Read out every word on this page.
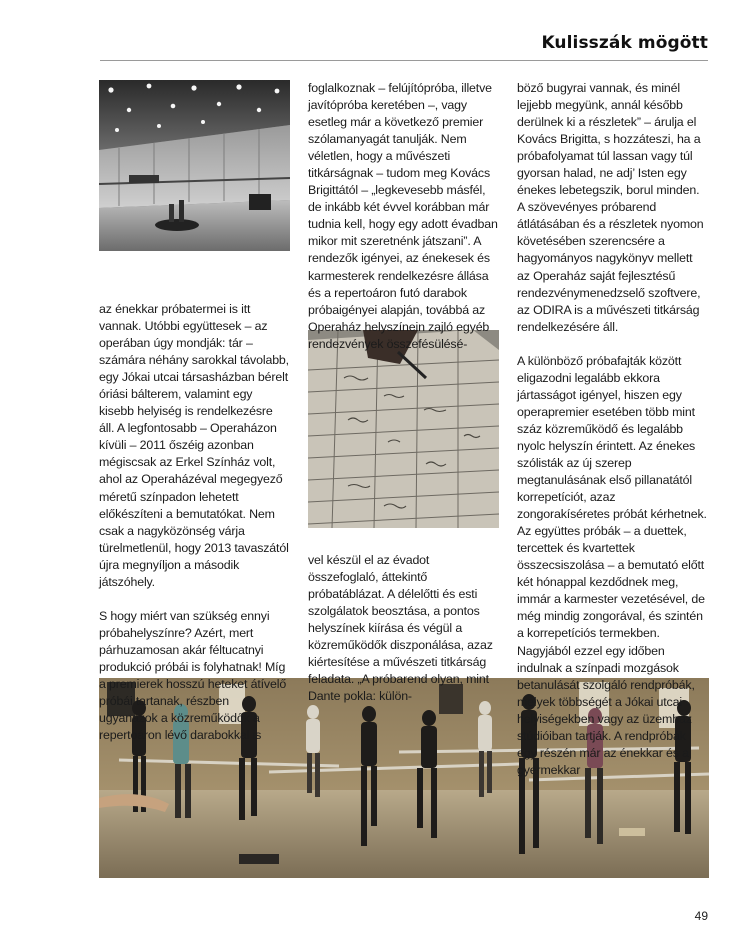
Kulisszák mögött

az énekkar próbatermei is itt vannak. Utóbbi együttesek – az operában úgy mondják: tár – számára néhány sarokkal távolabb, egy Jókai utcai társasházban bérelt óriási bálterem, valamint egy kisebb helyiség is rendelkezésre áll. A legfontosabb – Operaházon kívüli – 2011 őszéig azonban mégiscsak az Erkel Színház volt, ahol az Operaházéval megegyező méretű színpadon lehetett előkészíteni a bemutatókat. Nem csak a nagyközönség várja türelmetlenül, hogy 2013 tavaszától újra megnyíljon a második játszóhely.

S hogy miért van szükség ennyi próbahelyszínre? Azért, mert párhuzamosan akár féltucatnyi produkció próbái is folyhatnak! Míg a premierek hosszú heteket átívelő próbái tartanak, részben ugyanazok a közreműködők a repertoáron lévő darabokkal is

foglalkoznak – felújítópróba, illetve javítópróba keretében –, vagy esetleg már a következő premier szólamanyagát tanulják. Nem véletlen, hogy a művészeti titkárságnak – tudom meg Kovács Brigittától – „legkevesebb másfél, de inkább két évvel korábban már tudnia kell, hogy egy adott évadban mikor mit szeretnénk játszani”. A rendezők igényei, az énekesek és karmesterek rendelkezésre állása és a repertoáron futó darabok próbaigényei alapján, továbbá az Operaház helyszínein zajló egyéb rendezvények összefésülésé-

vel készül el az évadot összefoglaló, áttekintő próbatáblázat. A délelőtti és esti szolgálatok beosztása, a pontos helyszínek kiírása és végül a közreműködők diszponálása, azaz kiértesítése a művészeti titkárság feladata. „A próbarend olyan, mint Dante pokla: külön-

böző bugyrai vannak, és minél lejjebb megyünk, annál később derülnek ki a részletek” – árulja el Kovács Brigitta, s hozzáteszi, ha a próbafolyamat túl lassan vagy túl gyorsan halad, ne adj’ Isten egy énekes lebetegszik, borul minden. A szövevényes próbarend átlátásában és a részletek nyomon követésében szerencsére a hagyományos nagykönyv mellett az Operaház saját fejlesztésű rendezvénymenedzselő szoftvere, az ODIRA is a művészeti titkárság rendelkezésére áll.

A különböző próbafajták között eligazodni legalább ekkora jártasságot igényel, hiszen egy operapremier esetében több mint száz közreműködő és legalább nyolc helyszín érintett. Az énekes szólisták az új szerep megtanulásának első pillanatától korrepetíciót, azaz zongorakíséretes próbát kérhetnek. Az együttes próbák – a duettek, tercettek és kvartettek összecsiszolása – a bemutató előtt két hónappal kezdődnek meg, immár a karmester vezetésével, de még mindig zongorával, és szintén a korrepetíciós termekben. Nagyjából ezzel egy időben indulnak a színpadi mozgások betanulását szolgáló rendpróbák, melyek többségét a Jókai utcai helyiségekben vagy az üzemház stúdióiban tartják. A rendpróbák egy részén már az énekkar és a gyermekkar

49
